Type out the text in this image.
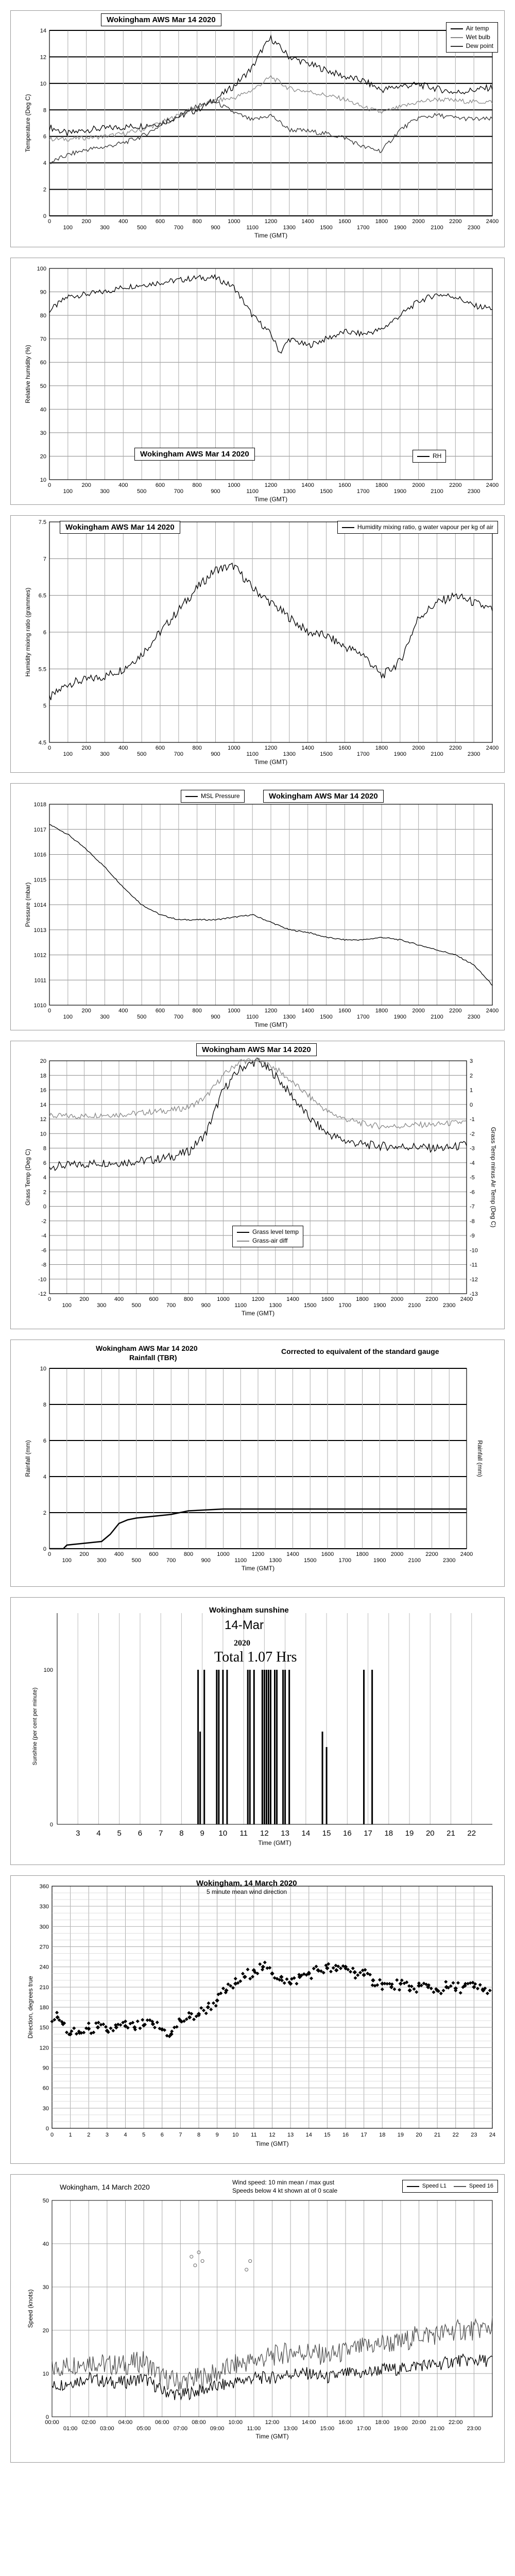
0
2
4
6
8
10
12
14
0
100
200
300
400
500
600
700
800
900
1000
1100
1200
1300
1400
1500
1600
1700
1800
1900
2000
2100
2200
2300
2400
Time (GMT)
Temperature (Deg C)
Wokingham AWS Mar 14 2020
Air temp
Wet bulb
Dew point
10
20
30
40
50
60
70
80
90
100
0
100
200
300
400
500
600
700
800
900
1000
1100
1200
1300
1400
1500
1600
1700
1800
1900
2000
2100
2200
2300
2400
Time (GMT)
Relative humidity (%)
Wokingham AWS Mar 14 2020	RH
4.5
5
5.5
6
6.5
7
7.5
0
100
200
300
400
500
600
700
800
900
1000
1100
1200
1300
1400
1500
1600
1700
1800
1900
2000
2100
2200
2300
2400
Time (GMT)
Humidity mixing ratio (grammes)
Wokingham AWS Mar 14 2020	Humidity mixing ratio, g water vapour per kg of air
1010
1011
1012
1013
1014
1015
1016
1017
1018
0
100
200
300
400
500
600
700
800
900
1000
1100
1200
1300
1400
1500
1600
1700
1800
1900
2000
2100
2200
2300
2400
Time (GMT)
Pressure (mbar)
MSL Pressure	Wokingham AWS Mar 14 2020
-12
-10
-8
-6
-4
-2
0
2
4
6
8
10
12
14
16
18
20
0
100
200
300
400
500
600
700
800
900
1000
1100
1200
1300
1400
1500
1600
1700
1800
1900
2000
2100
2200
2300
2400
Time (GMT)
Grass Temp (Deg C)
-13
-12
-11
-10
-9
-8
-7
-6
-5
-4
-3
-2
-1
0
1
2
3
Grass Temp minus Air Temp (Deg C)
Wokingham AWS Mar 14 2020
Grass level temp
Grass-air diff
0
2
4
6
8
10
0
100
200
300
400
500
600
700
800
900
1000
1100
1200
1300
1400
1500
1600
1700
1800
1900
2000
2100
2200
2300
2400
Time (GMT)
Rainfall (mm)	Rainfall (mm)
Wokingham AWS Mar 14 2020
Rainfall (TBR)
Corrected to equivalent of the standard gauge
3 4 5 6 7 8 9 10 11 12 13 14 15 16 17 18 19 20 21 22
0
100
Time (GMT)
Sunshine (per cent per minute)
Wokingham sunshine
14-Mar
2020
Total 1.07 Hrs
0
30
60
90
120
150
180
210
240
270
300
330
360
0	1	2	3	4	5	6	7	8	9 10 11 12 13 14 15 16 17 18 19 20 21 22 23 24
Time (GMT)
Direction, degrees true
Wokingham, 14 March 2020
5 minute mean wind direction
0
10
20
30
40
50
00:00
01:00
02:00
03:00
04:00
05:00
06:00
07:00
08:00
09:00
10:00
11:00
12:00
13:00
14:00
15:00
16:00
17:00
18:00
19:00
20:00
21:00
22:00
23:00
Time (GMT)
Speed (knots)
Wokingham, 14 March 2020
Wind speed: 10 min mean / max gust
Speeds below 4 kt shown at of 0 scale
Speed L1	Speed 16
